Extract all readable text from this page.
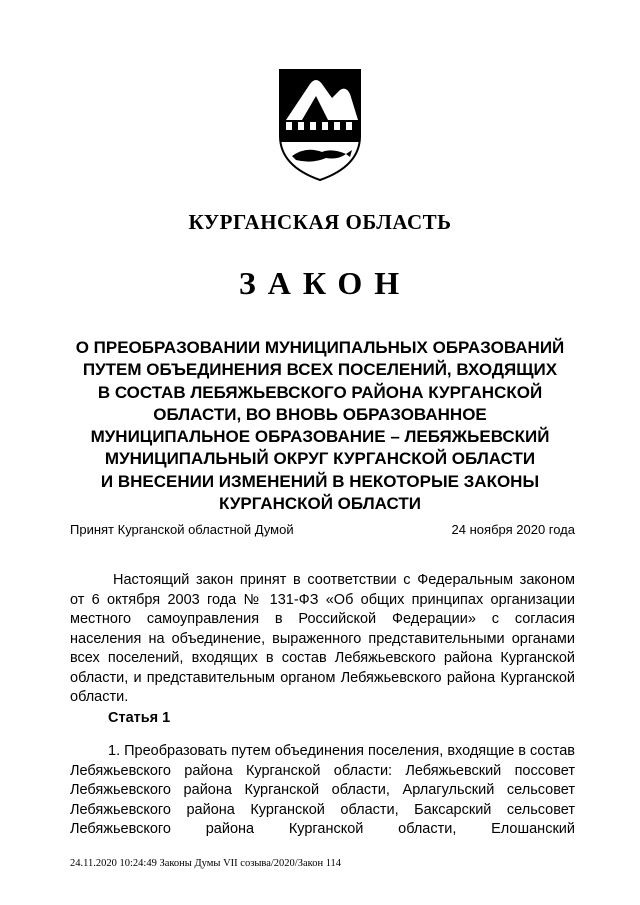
КУРГАНСКАЯ ОБЛАСТЬ
ЗАКОН
О ПРЕОБРАЗОВАНИИ МУНИЦИПАЛЬНЫХ ОБРАЗОВАНИЙ
ПУТЕМ ОБЪЕДИНЕНИЯ ВСЕХ ПОСЕЛЕНИЙ, ВХОДЯЩИХ
В СОСТАВ ЛЕБЯЖЬЕВСКОГО РАЙОНА КУРГАНСКОЙ
ОБЛАСТИ, ВО ВНОВЬ ОБРАЗОВАННОЕ
МУНИЦИПАЛЬНОЕ ОБРАЗОВАНИЕ – ЛЕБЯЖЬЕВСКИЙ
МУНИЦИПАЛЬНЫЙ ОКРУГ КУРГАНСКОЙ ОБЛАСТИ
И ВНЕСЕНИИ ИЗМЕНЕНИЙ В НЕКОТОРЫЕ ЗАКОНЫ
КУРГАНСКОЙ ОБЛАСТИ
Принят Курганской областной Думой	24 ноября 2020 года

Настоящий закон принят в соответствии с Федеральным законом от 6 октября 2003 года № 131-ФЗ «Об общих принципах организации местного самоуправления в Российской Федерации» с согласия населения на объединение, выраженного представительными органами всех поселений, входящих в состав Лебяжьевского района Курганской области, и представительным органом Лебяжьевского района Курганской области.

Статья 1

1. Преобразовать путем объединения поселения, входящие в состав Лебяжьевского района Курганской области: Лебяжьевский поссовет Лебяжьевского района Курганской области, Арлагульский сельсовет Лебяжьевского района Курганской области, Баксарский сельсовет Лебяжьевского района Курганской области, Елошанский

24.11.2020 10:24:49 Законы Думы VII созыва/2020/Закон 114
